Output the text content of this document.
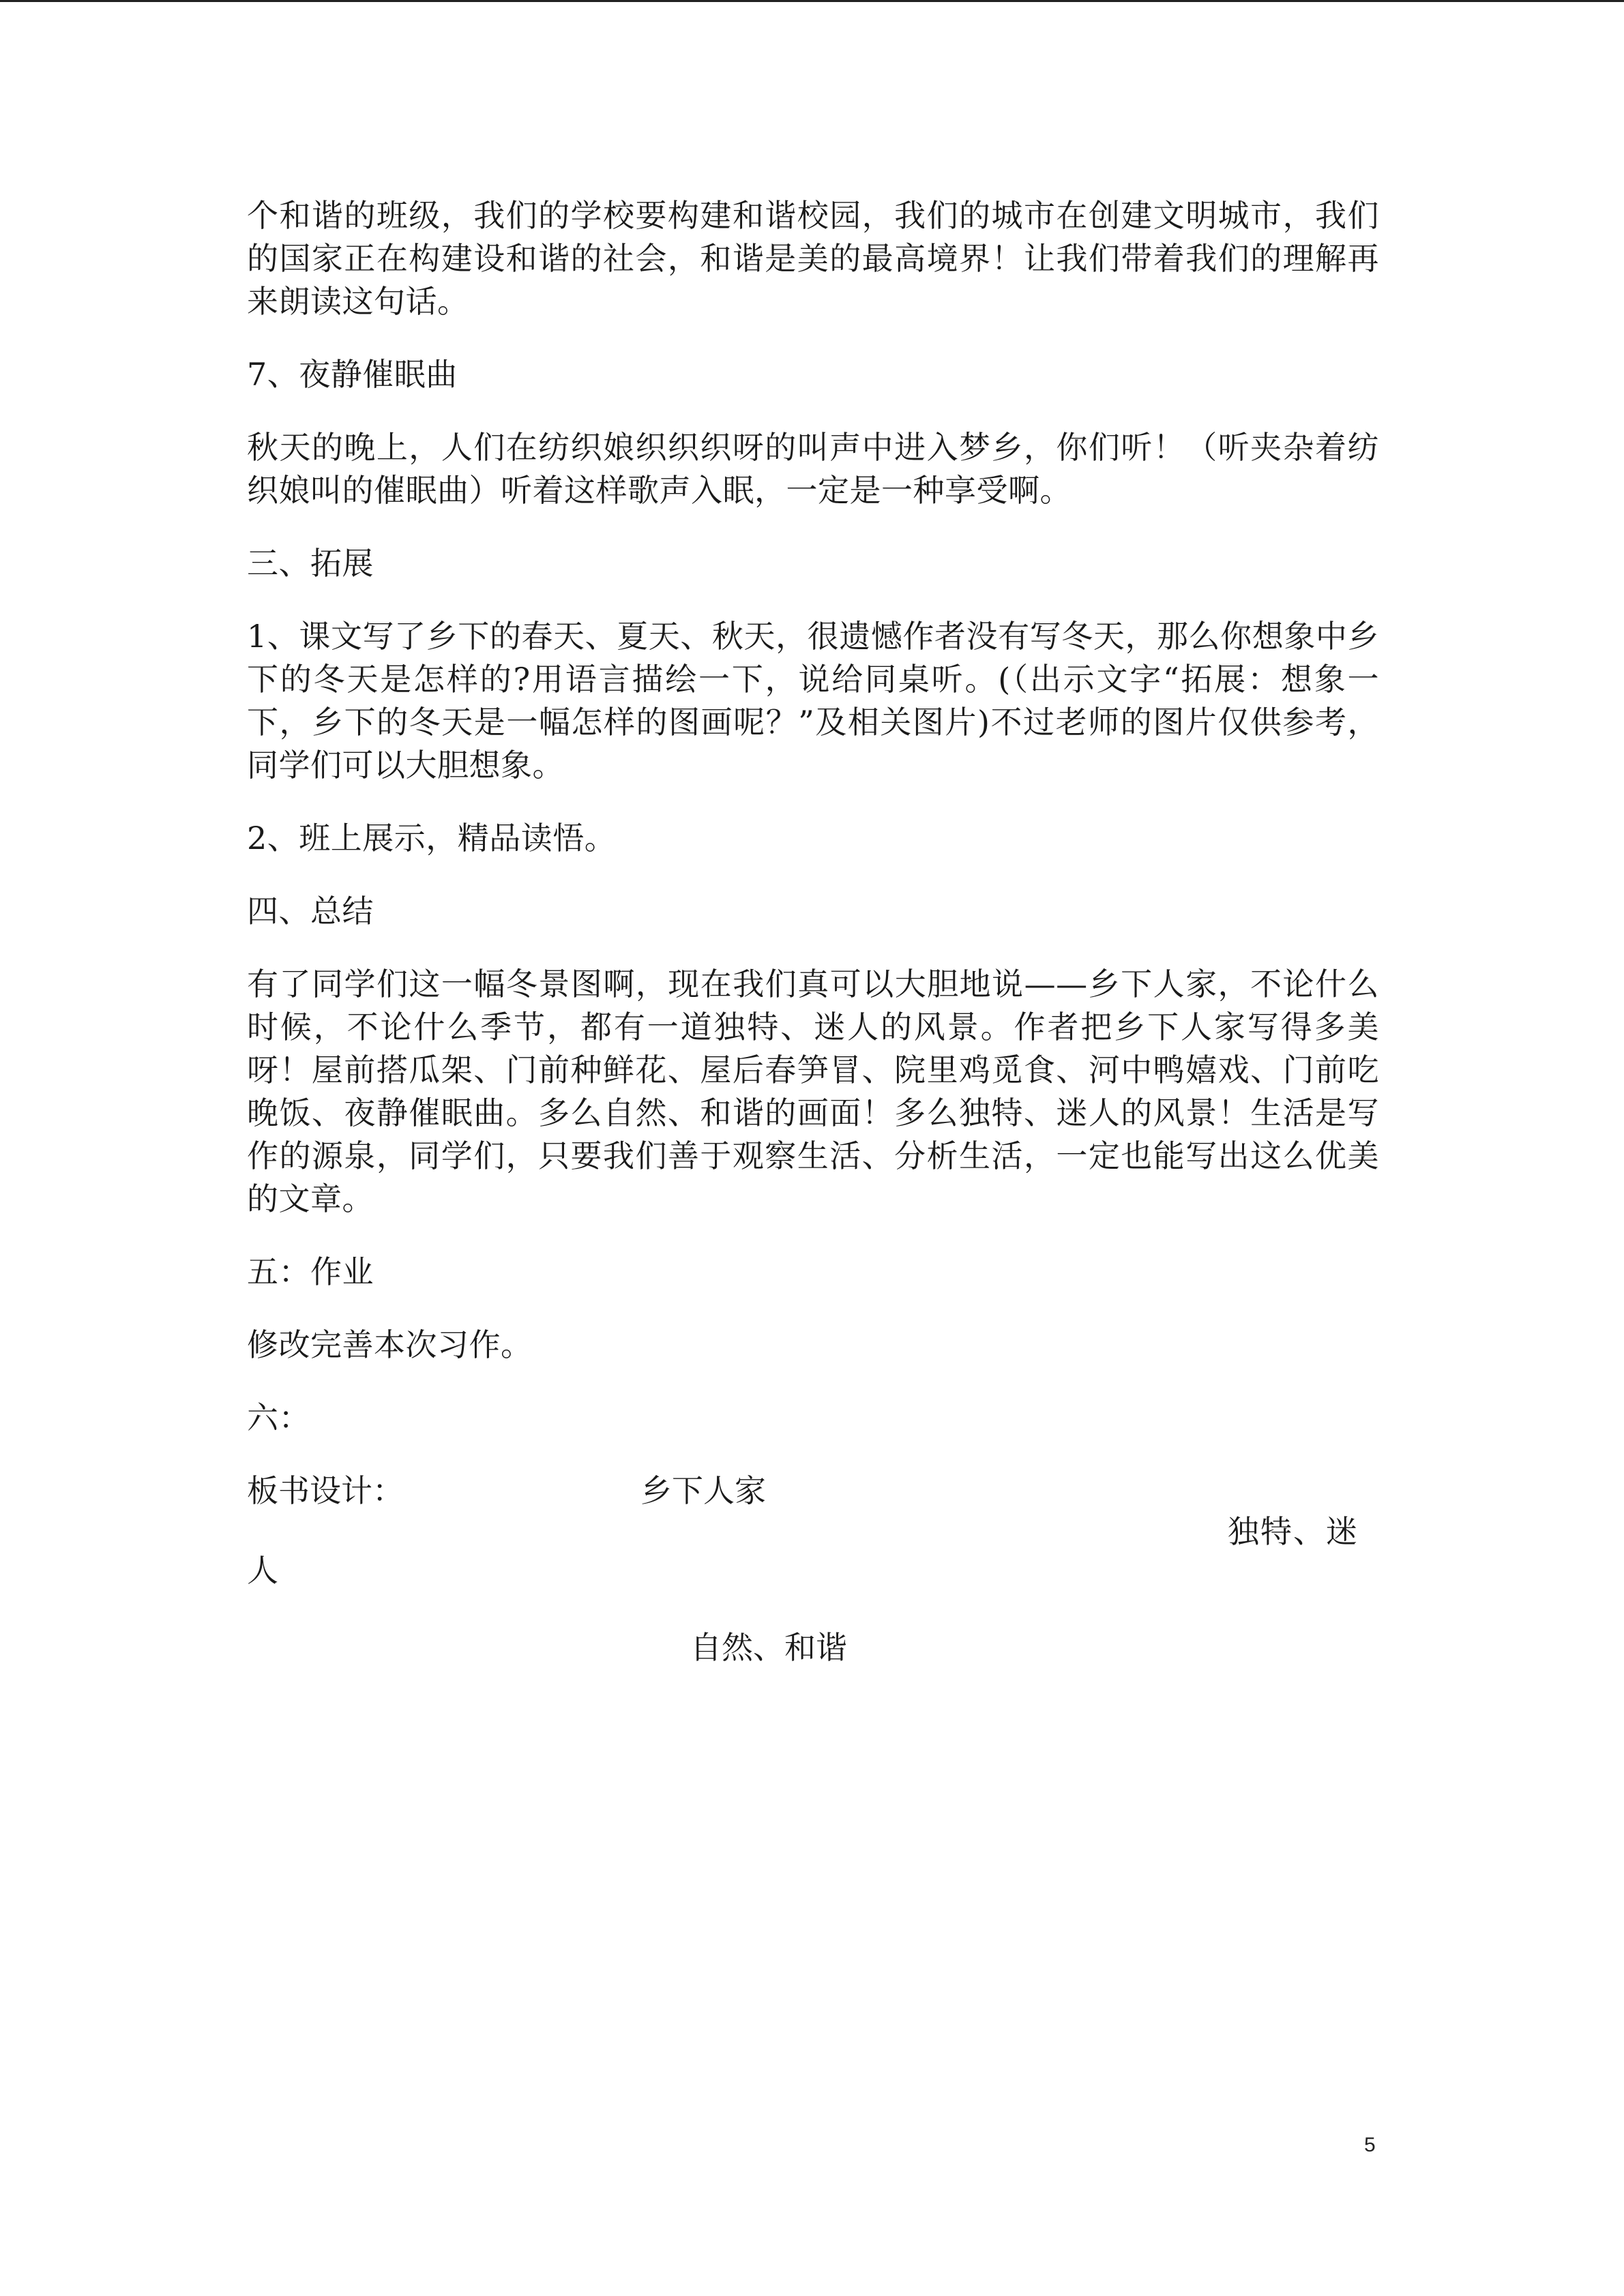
个和谐的班级，我们的学校要构建和谐校园，我们的城市在创建文明城市，我们的国家正在构建设和谐的社会，和谐是美的最高境界！让我们带着我们的理解再来朗读这句话。

7、夜静催眠曲

秋天的晚上，人们在纺织娘织织织呀的叫声中进入梦乡，你们听！（听夹杂着纺织娘叫的催眠曲）听着这样歌声入眠，一定是一种享受啊。

三、拓展

1、课文写了乡下的春天、夏天、秋天，很遗憾作者没有写冬天，那么你想象中乡下的冬天是怎样的?用语言描绘一下，说给同桌听。(（出示文字“拓展：想象一下，乡下的冬天是一幅怎样的图画呢？”及相关图片)不过老师的图片仅供参考，同学们可以大胆想象。

2、班上展示，精品读悟。

四、总结

有了同学们这一幅冬景图啊，现在我们真可以大胆地说——乡下人家，不论什么时候，不论什么季节，都有一道独特、迷人的风景。作者把乡下人家写得多美呀！屋前搭瓜架、门前种鲜花、屋后春笋冒、院里鸡觅食、河中鸭嬉戏、门前吃晚饭、夜静催眠曲。多么自然、和谐的画面！多么独特、迷人的风景！生活是写作的源泉，同学们，只要我们善于观察生活、分析生活，一定也能写出这么优美的文章。

五：作业

修改完善本次习作。

六：

板书设计：	乡下人家
独特、迷
人
自然、和谐
5
